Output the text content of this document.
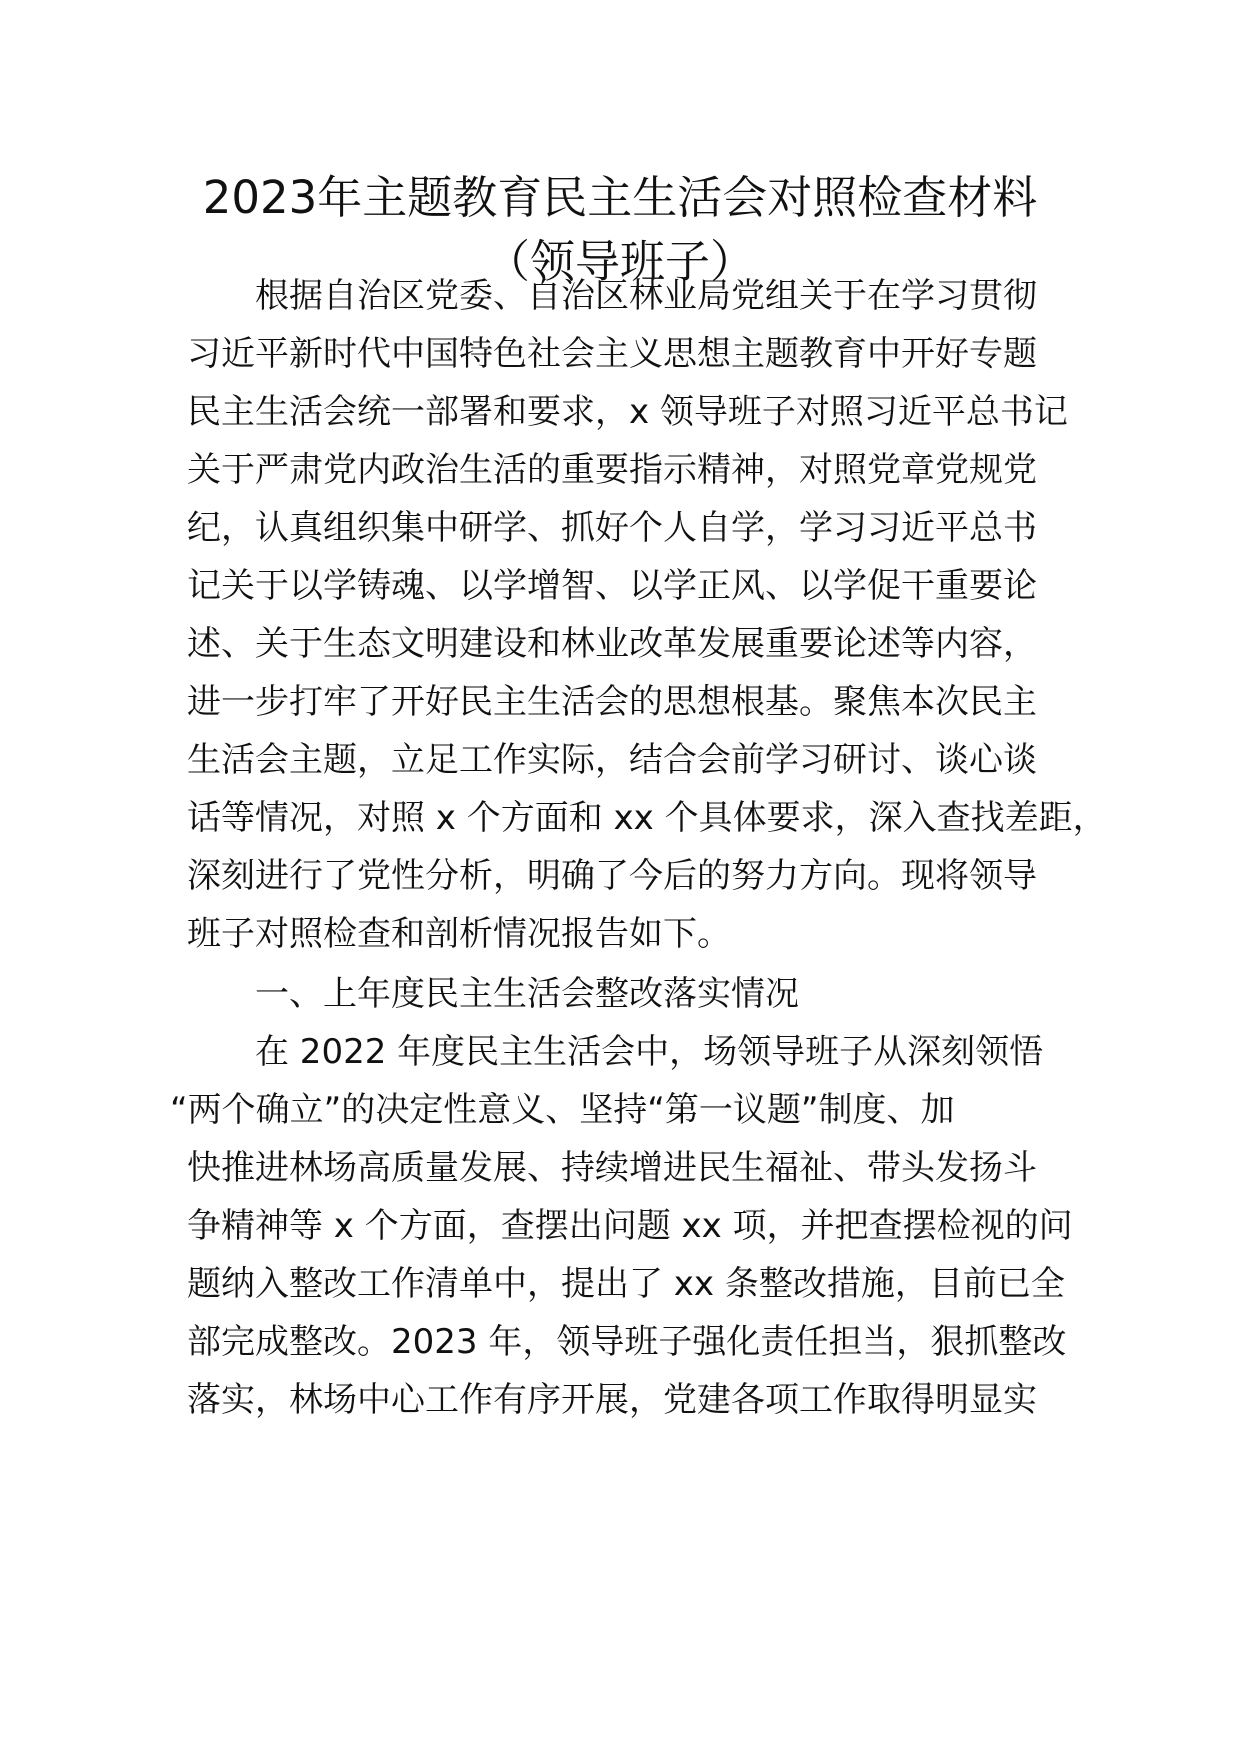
2023年主题教育民主生活会对照检查材料
（领导班子）

根据自治区党委、自治区林业局党组关于在学习贯彻

习近平新时代中国特色社会主义思想主题教育中开好专题

民主生活会统一部署和要求，x 领导班子对照习近平总书记

关于严肃党内政治生活的重要指示精神，对照党章党规党

纪，认真组织集中研学、抓好个人自学，学习习近平总书

记关于以学铸魂、以学增智、以学正风、以学促干重要论

述、关于生态文明建设和林业改革发展重要论述等内容，

进一步打牢了开好民主生活会的思想根基。聚焦本次民主

生活会主题，立足工作实际，结合会前学习研讨、谈心谈

话等情况，对照 x 个方面和 xx 个具体要求，深入查找差距，

深刻进行了党性分析，明确了今后的努力方向。现将领导

班子对照检查和剖析情况报告如下。

一、上年度民主生活会整改落实情况

在 2022 年度民主生活会中，场领导班子从深刻领悟

“两个确立”的决定性意义、坚持“第一议题”制度、加

快推进林场高质量发展、持续增进民生福祉、带头发扬斗

争精神等 x 个方面，查摆出问题 xx 项，并把查摆检视的问

题纳入整改工作清单中，提出了 xx 条整改措施，目前已全

部完成整改。2023 年，领导班子强化责任担当，狠抓整改

落实，林场中心工作有序开展，党建各项工作取得明显实
